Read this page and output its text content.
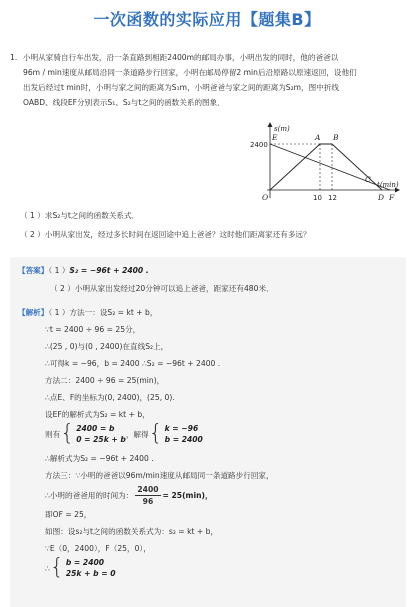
一次函数的实际应用【题集B】
1. 小明从家骑自行车出发，沿一条直路到相距2400m的邮局办事，小明出发的同时，他的爸爸以

96m / min速度从邮局沿同一条道路步行回家，小明在邮局停留2 min后沿原路以原速返回，设他们

出发后经过t min时，小明与家之间的距离为S₁m，小明爸爸与家之间的距离为S₂m，图中折线

OABD、线段EF分别表示S₁、S₂与t之间的函数关系的图象．

s(m)
t(min)
2400
10 12
O
E	A B
C
D F
（ 1 ）求S₂与t之间的函数关系式．
（ 2 ）小明从家出发，经过多长时间在返回途中追上爸爸？这时他们距离家还有多远？
【答案】（ 1 ）S₂ = −96t + 2400 .
（ 2 ）小明从家出发经过20分钟可以追上爸爸，距家还有480米．
【解析】（ 1 ）方法一：设S₂ = kt + b，
∵t = 2400 ÷ 96 = 25分，
∴(25 , 0)与(0 , 2400)在直线S₂上，
∴可得k = −96，b = 2400 ∴S₂ = −96t + 2400 .
方法二：2400 ÷ 96 = 25(min)，
∴点E、F的坐标为(0, 2400)，(25, 0).
设EF的解析式为S₂ = kt + b，
则有 { 2400 = b
0 = 25k + b
，解得 { k = −96
b = 2400
∴解析式为S₂ = −96t + 2400 .
方法三：∵小明的爸爸以96m/min速度从邮局同一条道路步行回家，
∴小明的爸爸用的时间为： $\frac{2400}{96} = 25(\min)$，
即OF = 25，
如图：设s₂与t之间的函数关系式为：s₂ = kt + b，
∵E（0，2400），F（25，0），
∴ { b = 2400
25k + b = 0
